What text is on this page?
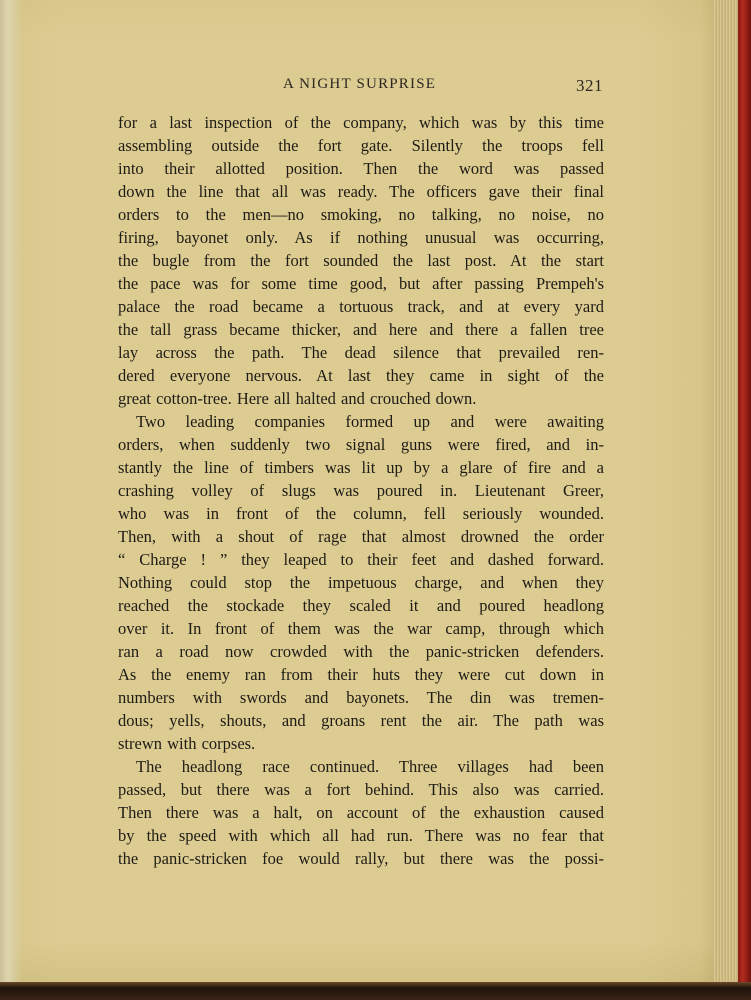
A NIGHT SURPRISE	321
for a last inspection of the company, which was by this time
assembling outside the fort gate. Silently the troops fell
into their allotted position. Then the word was passed
down the line that all was ready. The officers gave their final
orders to the men—no smoking, no talking, no noise, no
firing, bayonet only. As if nothing unusual was occurring,
the bugle from the fort sounded the last post. At the start
the pace was for some time good, but after passing Prempeh's
palace the road became a tortuous track, and at every yard
the tall grass became thicker, and here and there a fallen tree
lay across the path. The dead silence that prevailed ren-
dered everyone nervous. At last they came in sight of the
great cotton-tree. Here all halted and crouched down.
Two leading companies formed up and were awaiting
orders, when suddenly two signal guns were fired, and in-
stantly the line of timbers was lit up by a glare of fire and a
crashing volley of slugs was poured in. Lieutenant Greer,
who was in front of the column, fell seriously wounded.
Then, with a shout of rage that almost drowned the order
“ Charge ! ” they leaped to their feet and dashed forward.
Nothing could stop the impetuous charge, and when they
reached the stockade they scaled it and poured headlong
over it. In front of them was the war camp, through which
ran a road now crowded with the panic-stricken defenders.
As the enemy ran from their huts they were cut down in
numbers with swords and bayonets. The din was tremen-
dous; yells, shouts, and groans rent the air. The path was
strewn with corpses.
The headlong race continued. Three villages had been
passed, but there was a fort behind. This also was carried.
Then there was a halt, on account of the exhaustion caused
by the speed with which all had run. There was no fear that
the panic-stricken foe would rally, but there was the possi-
